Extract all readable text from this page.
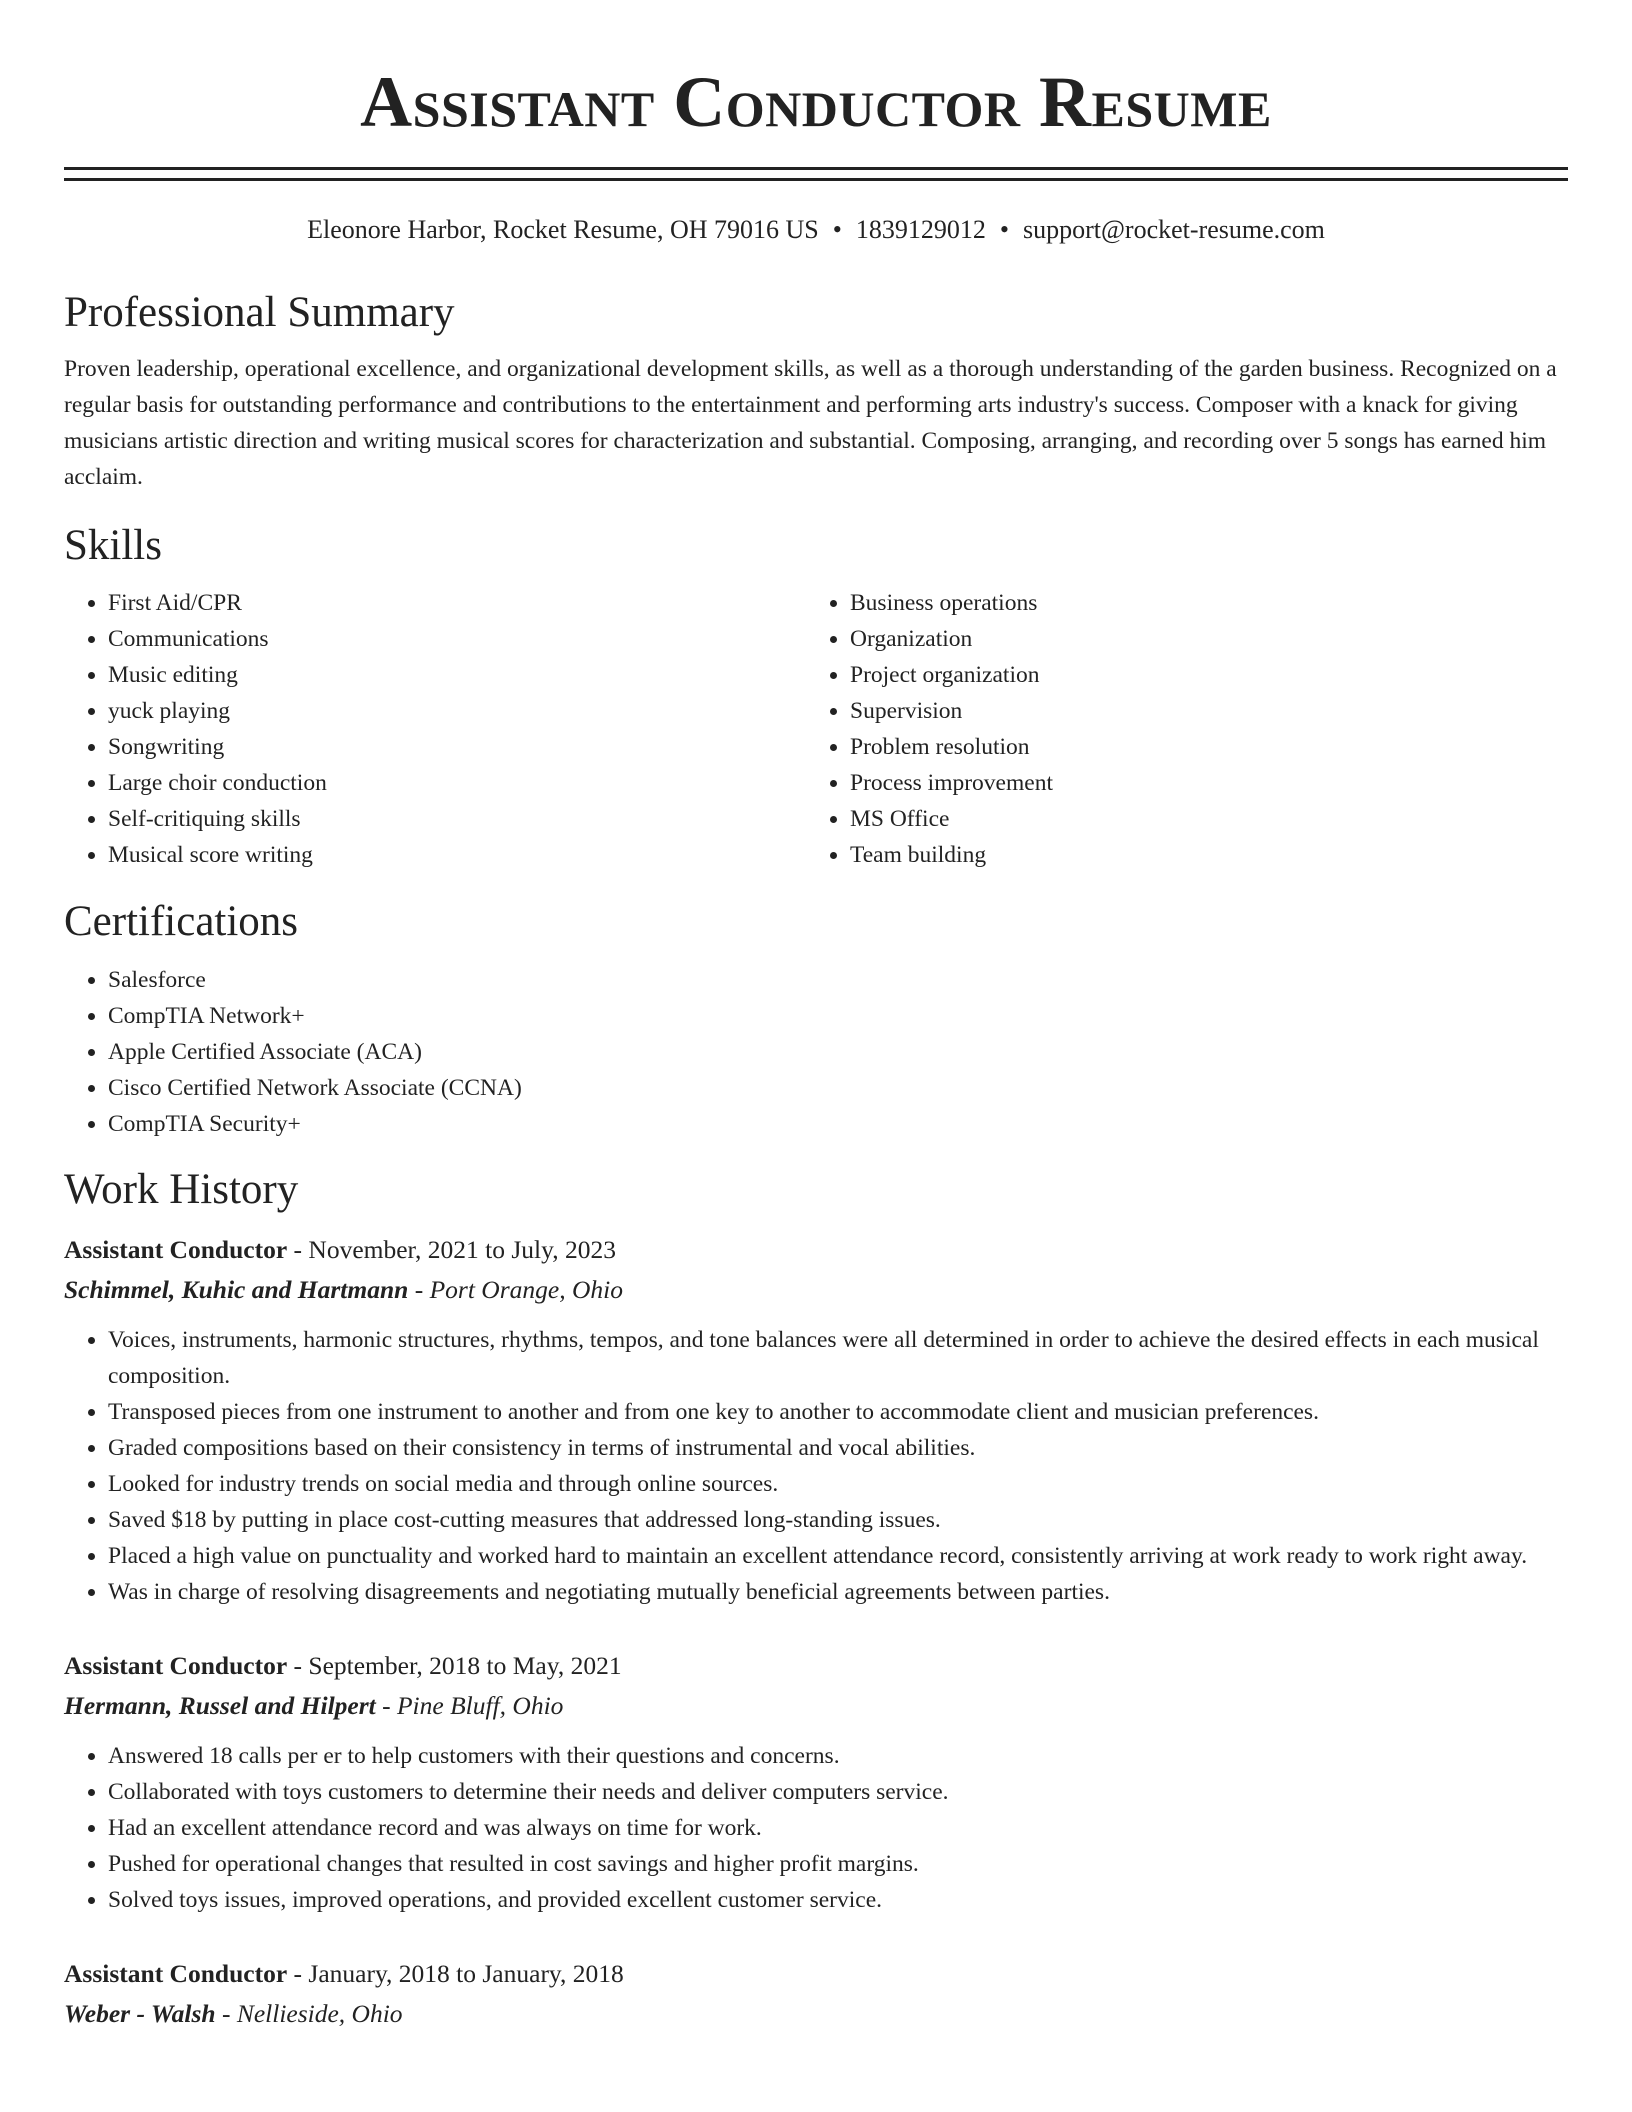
Assistant Conductor Resume
Eleonore Harbor, Rocket Resume, OH 79016 US • 1839129012 • support@rocket-resume.com
Professional Summary

Proven leadership, operational excellence, and organizational development skills, as well as a thorough understanding of the garden business. Recognized on a regular basis for outstanding performance and contributions to the entertainment and performing arts industry's success. Composer with a knack for giving musicians artistic direction and writing musical scores for characterization and substantial. Composing, arranging, and recording over 5 songs has earned him acclaim.

Skills
• First Aid/CPR
• Communications
• Music editing
• yuck playing
• Songwriting
• Large choir conduction
• Self-critiquing skills
• Musical score writing
• Business operations
• Organization
• Project organization
• Supervision
• Problem resolution
• Process improvement
• MS Office
• Team building
Certifications
• Salesforce
• CompTIA Network+
• Apple Certified Associate (ACA)
• Cisco Certified Network Associate (CCNA)
• CompTIA Security+
Work History
Assistant Conductor - November, 2021 to July, 2023
Schimmel, Kuhic and Hartmann - Port Orange, Ohio
• Voices, instruments, harmonic structures, rhythms, tempos, and tone balances were all determined in order to achieve the desired effects in each musical composition.
• Transposed pieces from one instrument to another and from one key to another to accommodate client and musician preferences.
• Graded compositions based on their consistency in terms of instrumental and vocal abilities.
• Looked for industry trends on social media and through online sources.
• Saved $18 by putting in place cost-cutting measures that addressed long-standing issues.
• Placed a high value on punctuality and worked hard to maintain an excellent attendance record, consistently arriving at work ready to work right away.
• Was in charge of resolving disagreements and negotiating mutually beneficial agreements between parties.
Assistant Conductor - September, 2018 to May, 2021
Hermann, Russel and Hilpert - Pine Bluff, Ohio
• Answered 18 calls per er to help customers with their questions and concerns.
• Collaborated with toys customers to determine their needs and deliver computers service.
• Had an excellent attendance record and was always on time for work.
• Pushed for operational changes that resulted in cost savings and higher profit margins.
• Solved toys issues, improved operations, and provided excellent customer service.
Assistant Conductor - January, 2018 to January, 2018
Weber - Walsh - Nellieside, Ohio
